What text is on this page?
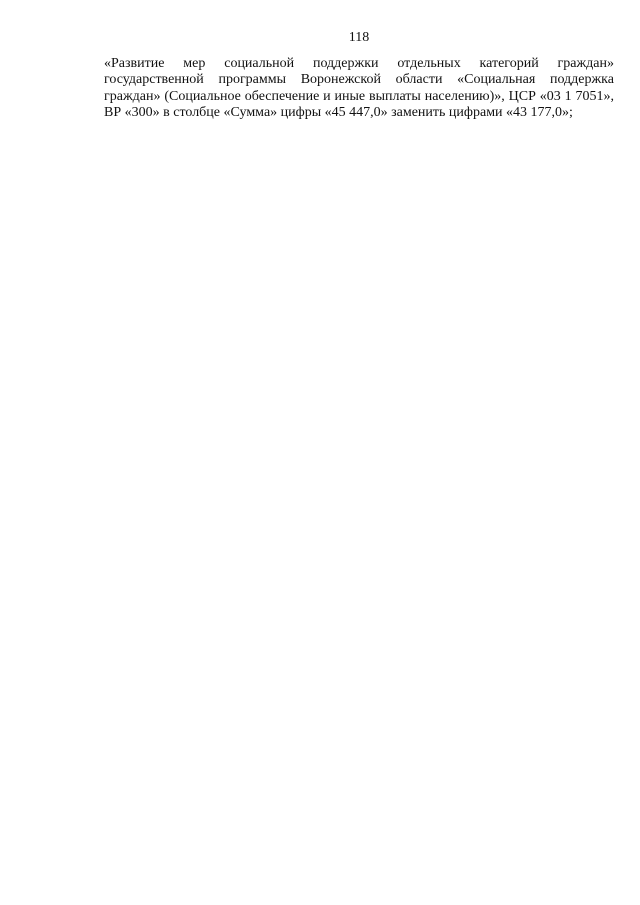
118

«Развитие мер социальной поддержки отдельных категорий граждан» государственной программы Воронежской области «Социальная поддержка граждан» (Социальное обеспечение и иные выплаты населению)», ЦСР «03 1 7051», ВР «300» в столбце «Сумма» цифры «45 447,0» заменить цифрами «43 177,0»;
